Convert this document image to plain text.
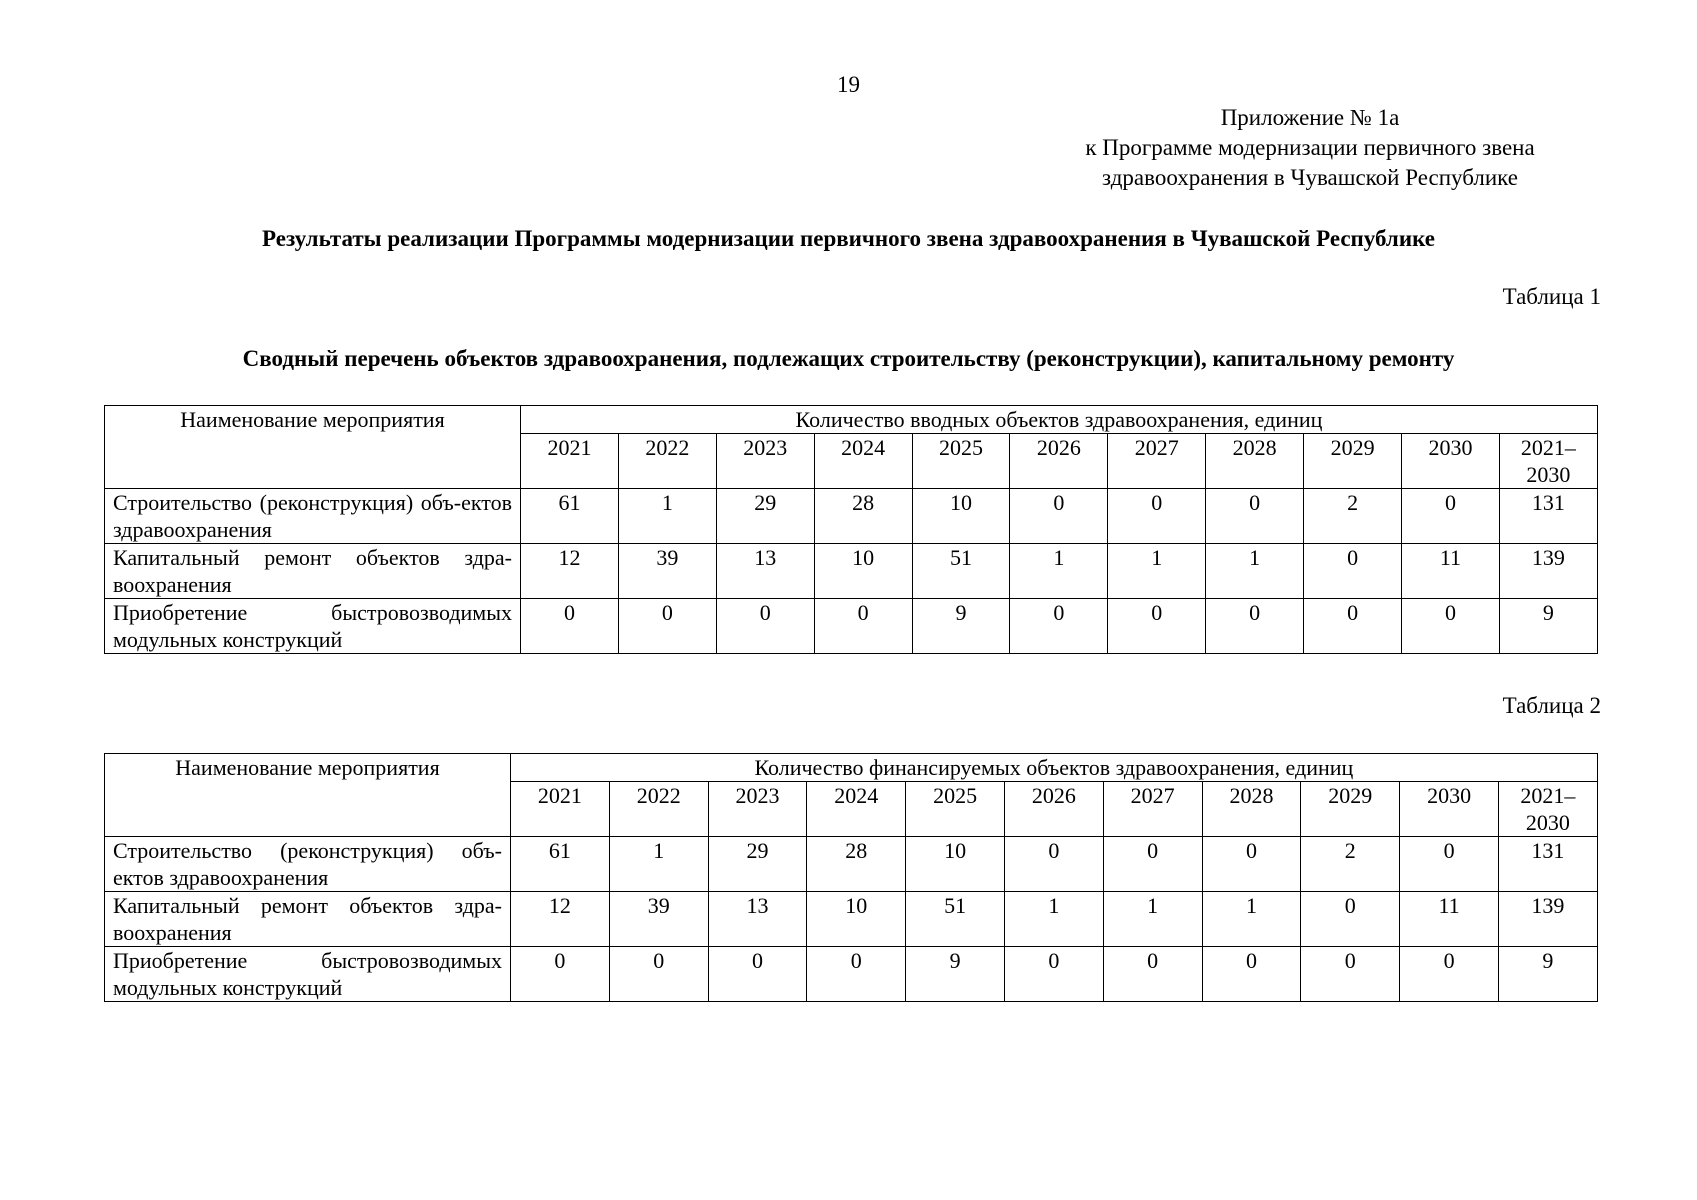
19
Приложение № 1а
к Программе модернизации первичного звена
здравоохранения в Чувашской Республике
Результаты реализации Программы модернизации первичного звена здравоохранения в Чувашской Республике
Таблица 1
Сводный перечень объектов здравоохранения, подлежащих строительству (реконструкции), капитальному ремонту
Наименование мероприятия	Количество вводных объектов здравоохранения, единиц										
	2021	2022	2023	2024	2025	2026	2027	2028	2029	2030	2021–2030
Строительство (реконструкция) объ-ектов здравоохранения	61	1	29	28	10	0	0	0	2	0	131
Капитальный ремонт объектов здра-воохранения	12	39	13	10	51	1	1	1	0	11	139
Приобретение быстровозводимых модульных конструкций	0	0	0	0	9	0	0	0	0	0	9
Таблица 2
Наименование мероприятия	Количество финансируемых объектов здравоохранения, единиц										
	2021	2022	2023	2024	2025	2026	2027	2028	2029	2030	2021–2030
Строительство (реконструкция) объ-ектов здравоохранения	61	1	29	28	10	0	0	0	2	0	131
Капитальный ремонт объектов здра-воохранения	12	39	13	10	51	1	1	1	0	11	139
Приобретение быстровозводимых модульных конструкций	0	0	0	0	9	0	0	0	0	0	9
